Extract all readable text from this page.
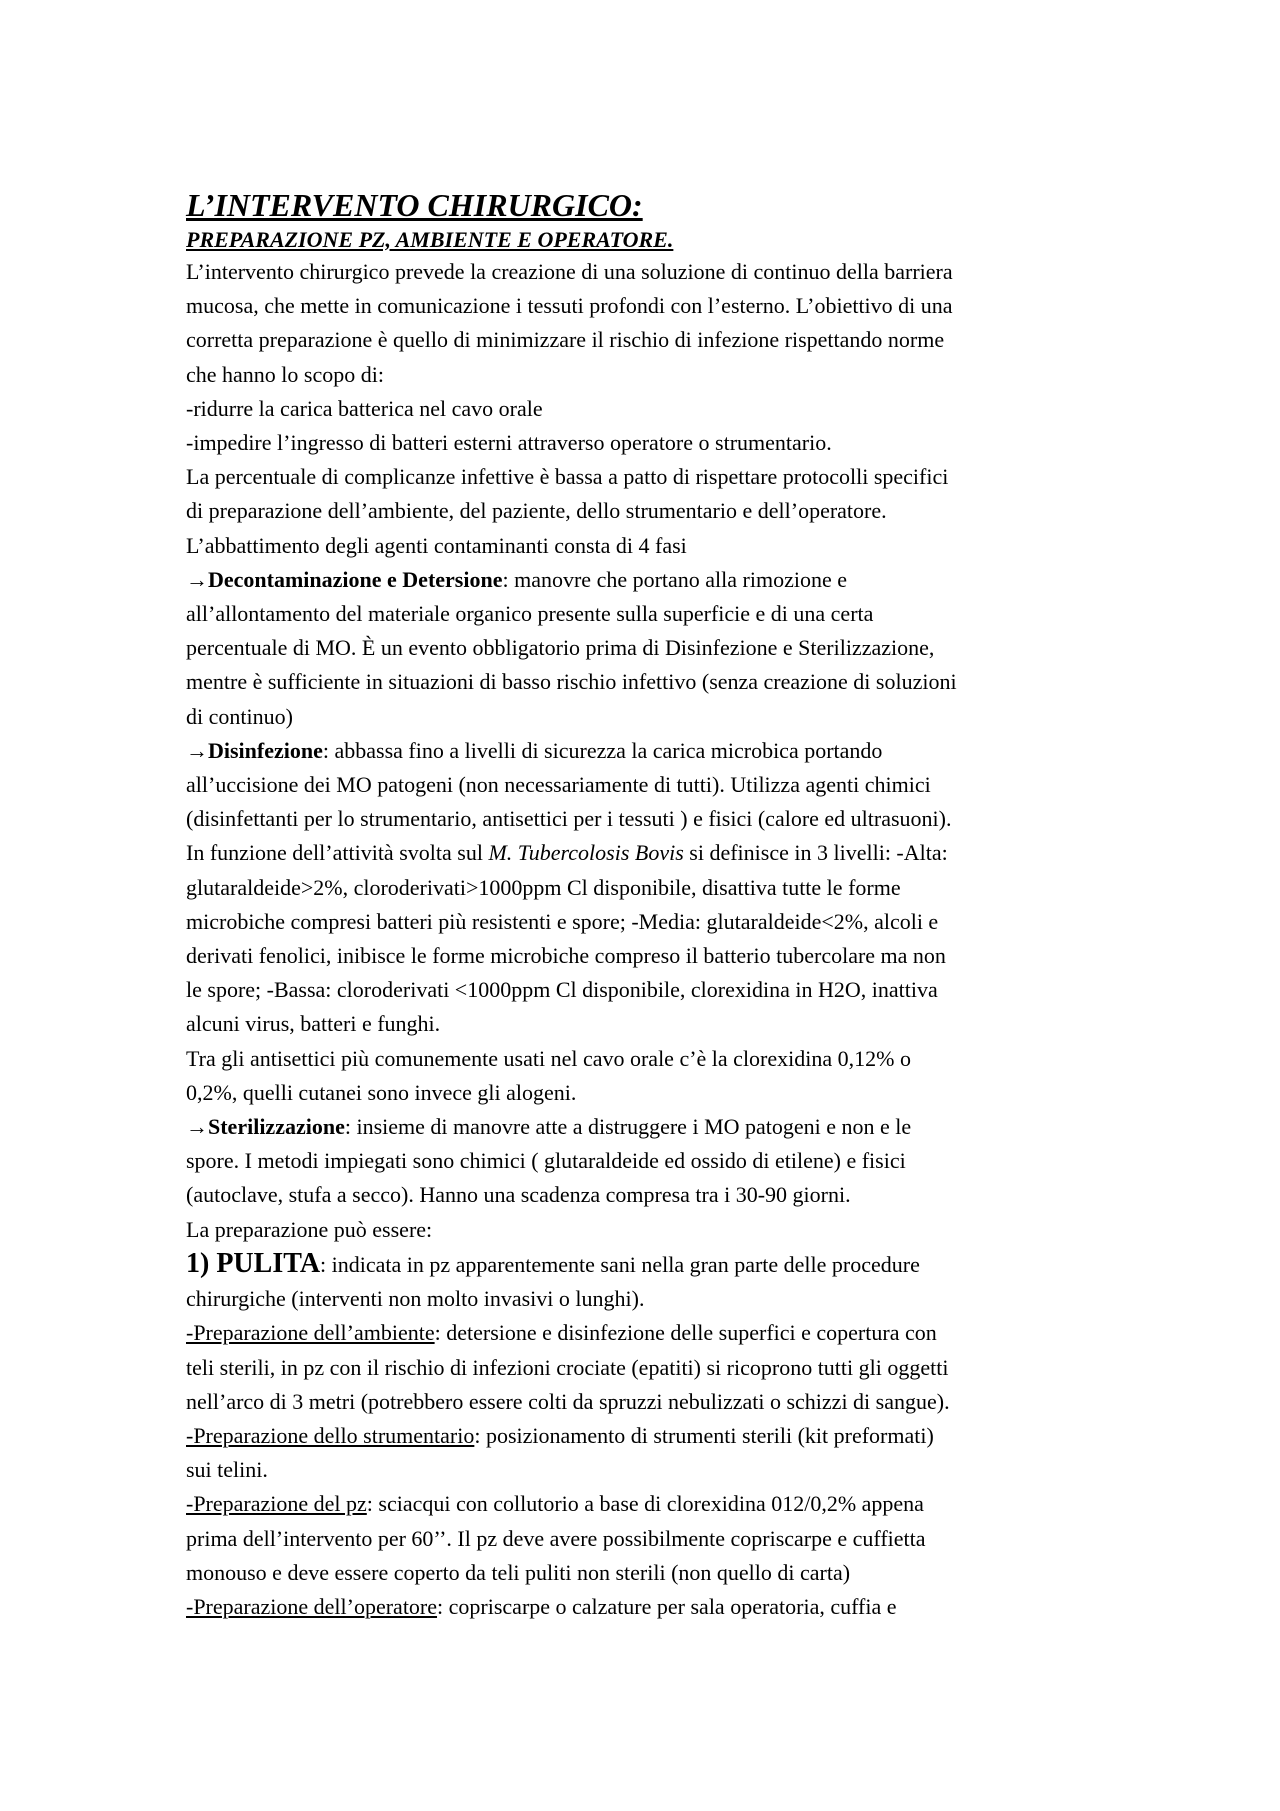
L’INTERVENTO CHIRURGICO:
PREPARAZIONE PZ, AMBIENTE E OPERATORE.
L’intervento chirurgico prevede la creazione di una soluzione di continuo della barriera
mucosa, che mette in comunicazione i tessuti profondi con l’esterno. L’obiettivo di una
corretta preparazione è quello di minimizzare il rischio di infezione rispettando norme
che hanno lo scopo di:
-ridurre la carica batterica nel cavo orale
-impedire l’ingresso di batteri esterni attraverso operatore o strumentario.
La percentuale di complicanze infettive è bassa a patto di rispettare protocolli specifici
di preparazione dell’ambiente, del paziente, dello strumentario e dell’operatore.
L’abbattimento degli agenti contaminanti consta di 4 fasi
→Decontaminazione e Detersione: manovre che portano alla rimozione e
all’allontamento del materiale organico presente sulla superficie e di una certa
percentuale di MO. È un evento obbligatorio prima di Disinfezione e Sterilizzazione,
mentre è sufficiente in situazioni di basso rischio infettivo (senza creazione di soluzioni
di continuo)
→Disinfezione: abbassa fino a livelli di sicurezza la carica microbica portando
all’uccisione dei MO patogeni (non necessariamente di tutti). Utilizza agenti chimici
(disinfettanti per lo strumentario, antisettici per i tessuti ) e fisici (calore ed ultrasuoni).
In funzione dell’attività svolta sul M. Tubercolosis Bovis si definisce in 3 livelli: -Alta:
glutaraldeide>2%, cloroderivati>1000ppm Cl disponibile, disattiva tutte le forme
microbiche compresi batteri più resistenti e spore; -Media: glutaraldeide<2%, alcoli e
derivati fenolici, inibisce le forme microbiche compreso il batterio tubercolare ma non
le spore; -Bassa: cloroderivati <1000ppm Cl disponibile, clorexidina in H2O, inattiva
alcuni virus, batteri e funghi.
Tra gli antisettici più comunemente usati nel cavo orale c’è la clorexidina 0,12% o
0,2%, quelli cutanei sono invece gli alogeni.
→Sterilizzazione: insieme di manovre atte a distruggere i MO patogeni e non e le
spore. I metodi impiegati sono chimici ( glutaraldeide ed ossido di etilene) e fisici
(autoclave, stufa a secco). Hanno una scadenza compresa tra i 30-90 giorni.
La preparazione può essere:
1) PULITA: indicata in pz apparentemente sani nella gran parte delle procedure
chirurgiche (interventi non molto invasivi o lunghi).
-Preparazione dell’ambiente: detersione e disinfezione delle superfici e copertura con
teli sterili, in pz con il rischio di infezioni crociate (epatiti) si ricoprono tutti gli oggetti
nell’arco di 3 metri (potrebbero essere colti da spruzzi nebulizzati o schizzi di sangue).
-Preparazione dello strumentario: posizionamento di strumenti sterili (kit preformati)
sui telini.
-Preparazione del pz: sciacqui con collutorio a base di clorexidina 012/0,2% appena
prima dell’intervento per 60’’. Il pz deve avere possibilmente copriscarpe e cuffietta
monouso e deve essere coperto da teli puliti non sterili (non quello di carta)
-Preparazione dell’operatore: copriscarpe o calzature per sala operatoria, cuffia e
